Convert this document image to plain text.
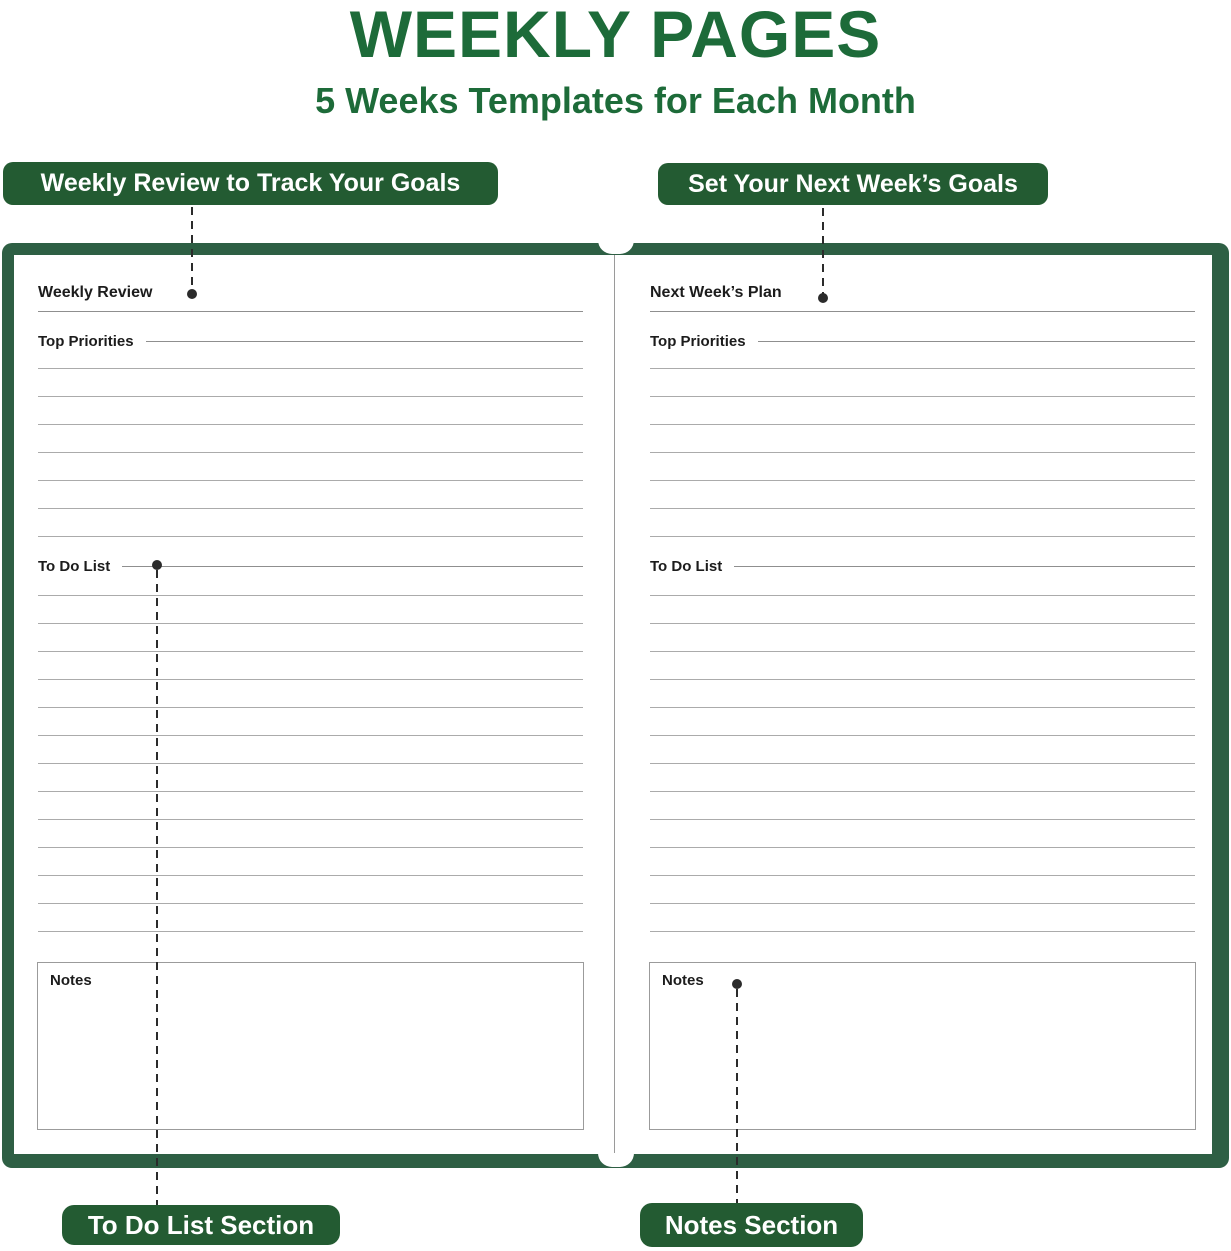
WEEKLY PAGES
5 Weeks Templates for Each Month
Weekly Review to Track Your Goals	Set Your Next Week’s Goals
Weekly Review
Top Priorities
To Do List
Notes
Next Week’s Plan
Top Priorities
To Do List
Notes
To Do List Section	Notes Section
